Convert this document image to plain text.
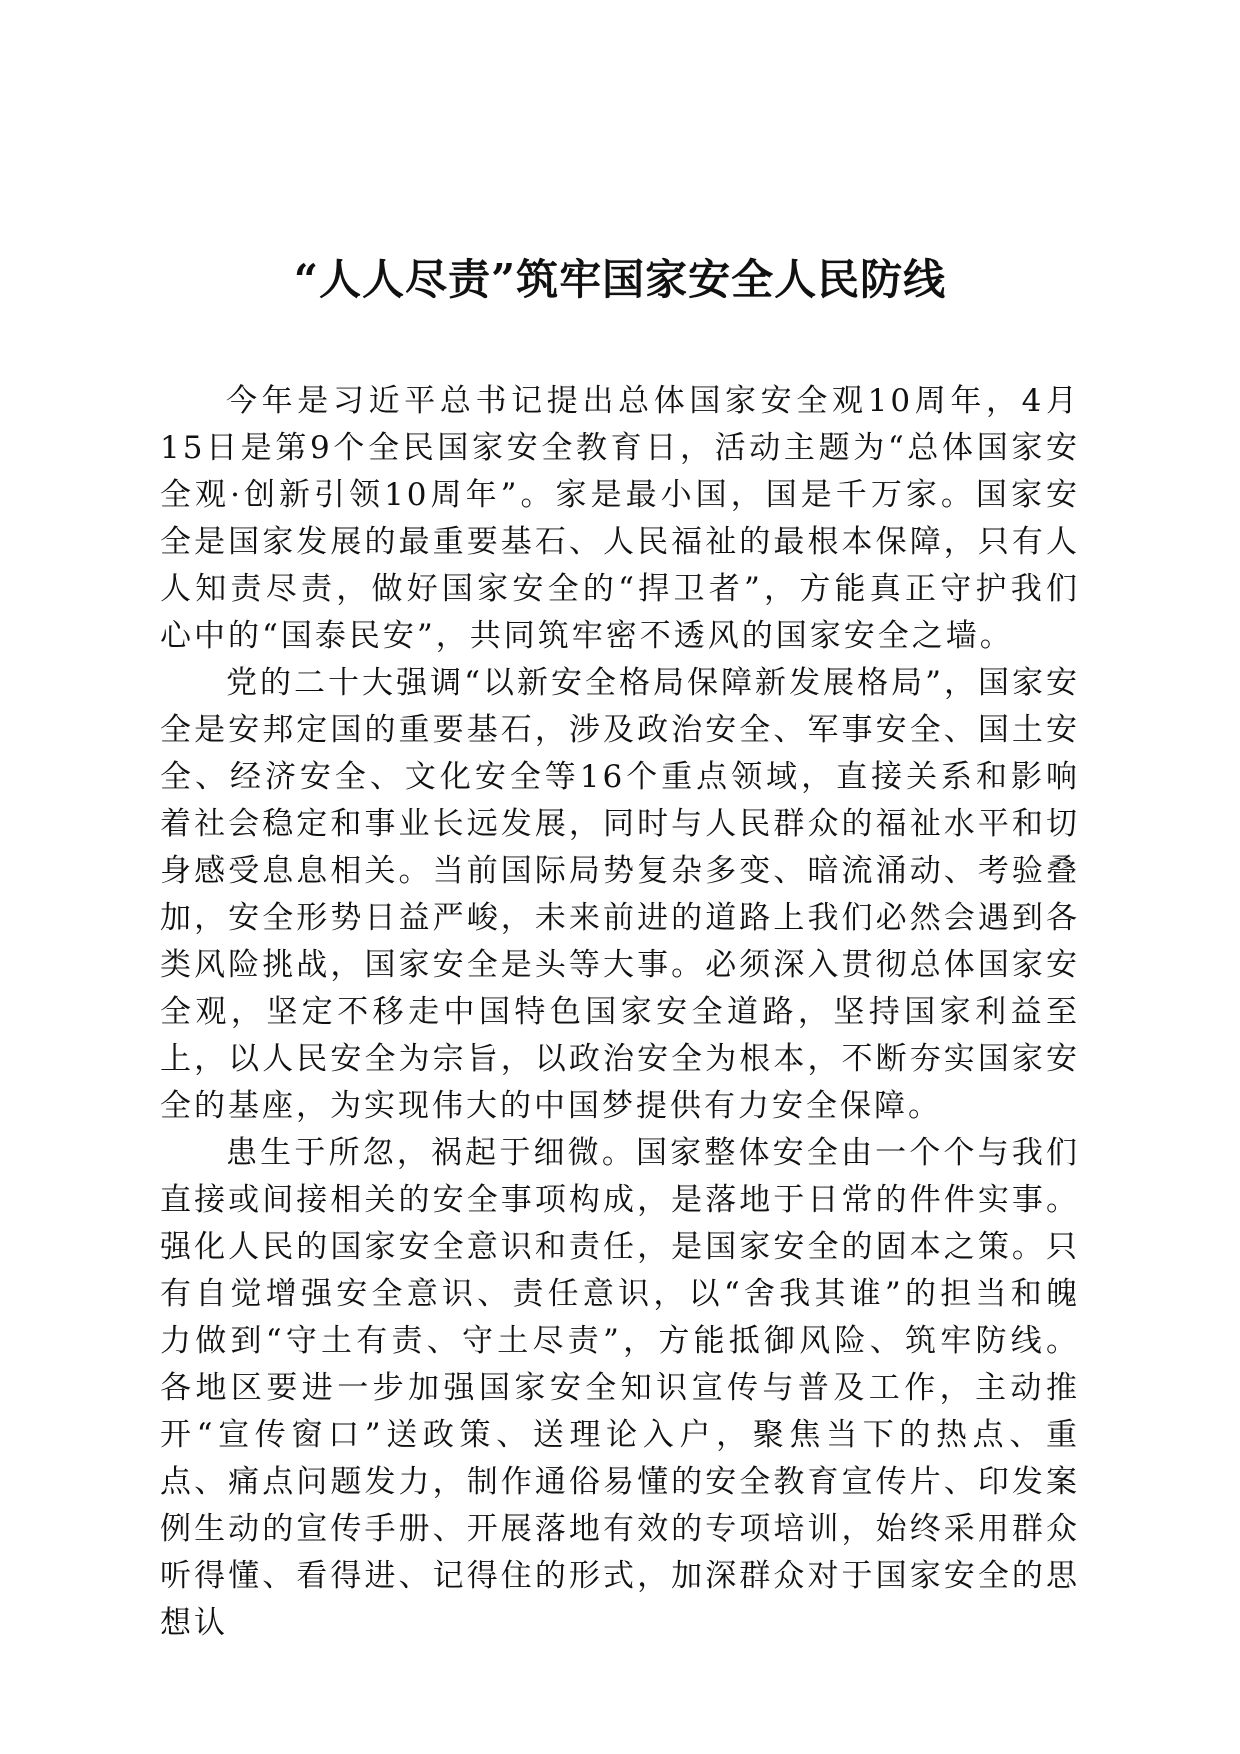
“人人尽责”筑牢国家安全人民防线

今年是习近平总书记提出总体国家安全观10周年，4月15日是第9个全民国家安全教育日，活动主题为“总体国家安全观·创新引领10周年”。家是最小国，国是千万家。国家安全是国家发展的最重要基石、人民福祉的最根本保障，只有人人知责尽责，做好国家安全的“捍卫者”，方能真正守护我们心中的“国泰民安”，共同筑牢密不透风的国家安全之墙。

党的二十大强调“以新安全格局保障新发展格局”，国家安全是安邦定国的重要基石，涉及政治安全、军事安全、国土安全、经济安全、文化安全等16个重点领域，直接关系和影响着社会稳定和事业长远发展，同时与人民群众的福祉水平和切身感受息息相关。当前国际局势复杂多变、暗流涌动、考验叠加，安全形势日益严峻，未来前进的道路上我们必然会遇到各类风险挑战，国家安全是头等大事。必须深入贯彻总体国家安全观，坚定不移走中国特色国家安全道路，坚持国家利益至上，以人民安全为宗旨，以政治安全为根本，不断夯实国家安全的基座，为实现伟大的中国梦提供有力安全保障。

患生于所忽，祸起于细微。国家整体安全由一个个与我们直接或间接相关的安全事项构成，是落地于日常的件件实事。强化人民的国家安全意识和责任，是国家安全的固本之策。只有自觉增强安全意识、责任意识，以“舍我其谁”的担当和魄力做到“守土有责、守土尽责”，方能抵御风险、筑牢防线。各地区要进一步加强国家安全知识宣传与普及工作，主动推开“宣传窗口”送政策、送理论入户，聚焦当下的热点、重点、痛点问题发力，制作通俗易懂的安全教育宣传片、印发案例生动的宣传手册、开展落地有效的专项培训，始终采用群众听得懂、看得进、记得住的形式，加深群众对于国家安全的思想认
